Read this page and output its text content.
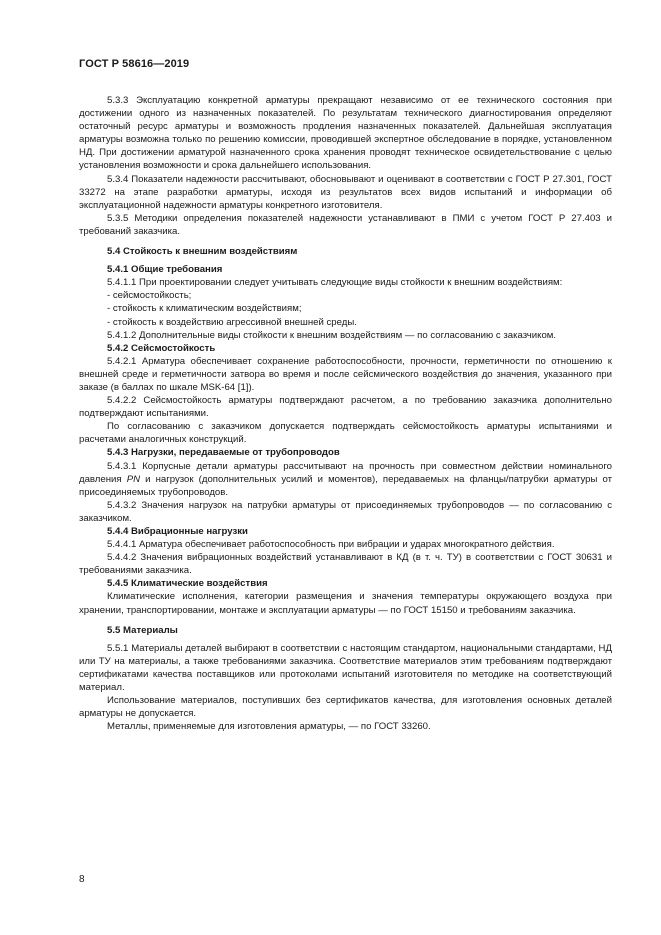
ГОСТ Р 58616—2019

5.3.3 Эксплуатацию конкретной арматуры прекращают независимо от ее технического состояния при достижении одного из назначенных показателей. По результатам технического диагностирования определяют остаточный ресурс арматуры и возможность продления назначенных показателей. Дальнейшая эксплуатация арматуры возможна только по решению комиссии, проводившей экспертное обследование в порядке, установленном НД. При достижении арматурой назначенного срока хранения проводят техническое освидетельствование с целью установления возможности и срока дальнейшего использования.

5.3.4 Показатели надежности рассчитывают, обосновывают и оценивают в соответствии с ГОСТ Р 27.301, ГОСТ 33272 на этапе разработки арматуры, исходя из результатов всех видов испытаний и информации об эксплуатационной надежности арматуры конкретного изготовителя.

5.3.5 Методики определения показателей надежности устанавливают в ПМИ с учетом ГОСТ Р 27.403 и требований заказчика.

5.4 Стойкость к внешним воздействиям

5.4.1 Общие требования

5.4.1.1 При проектировании следует учитывать следующие виды стойкости к внешним воздействиям:

- сейсмостойкость;

- стойкость к климатическим воздействиям;

- стойкость к воздействию агрессивной внешней среды.

5.4.1.2 Дополнительные виды стойкости к внешним воздействиям — по согласованию с заказчиком.

5.4.2 Сейсмостойкость

5.4.2.1 Арматура обеспечивает сохранение работоспособности, прочности, герметичности по отношению к внешней среде и герметичности затвора во время и после сейсмического воздействия до значения, указанного при заказе (в баллах по шкале MSK-64 [1]).

5.4.2.2 Сейсмостойкость арматуры подтверждают расчетом, а по требованию заказчика дополнительно подтверждают испытаниями.

По согласованию с заказчиком допускается подтверждать сейсмостойкость арматуры испытаниями и расчетами аналогичных конструкций.

5.4.3 Нагрузки, передаваемые от трубопроводов

5.4.3.1 Корпусные детали арматуры рассчитывают на прочность при совместном действии номинального давления PN и нагрузок (дополнительных усилий и моментов), передаваемых на фланцы/патрубки арматуры от присоединяемых трубопроводов.

5.4.3.2 Значения нагрузок на патрубки арматуры от присоединяемых трубопроводов — по согласованию с заказчиком.

5.4.4 Вибрационные нагрузки

5.4.4.1 Арматура обеспечивает работоспособность при вибрации и ударах многократного действия.

5.4.4.2 Значения вибрационных воздействий устанавливают в КД (в т. ч. ТУ) в соответствии с ГОСТ 30631 и требованиями заказчика.

5.4.5 Климатические воздействия

Климатические исполнения, категории размещения и значения температуры окружающего воздуха при хранении, транспортировании, монтаже и эксплуатации арматуры — по ГОСТ 15150 и требованиям заказчика.

5.5 Материалы

5.5.1 Материалы деталей выбирают в соответствии с настоящим стандартом, национальными стандартами, НД или ТУ на материалы, а также требованиями заказчика. Соответствие материалов этим требованиям подтверждают сертификатами качества поставщиков или протоколами испытаний изготовителя по методике на соответствующий материал.

Использование материалов, поступивших без сертификатов качества, для изготовления основных деталей арматуры не допускается.

Металлы, применяемые для изготовления арматуры, — по ГОСТ 33260.

8
